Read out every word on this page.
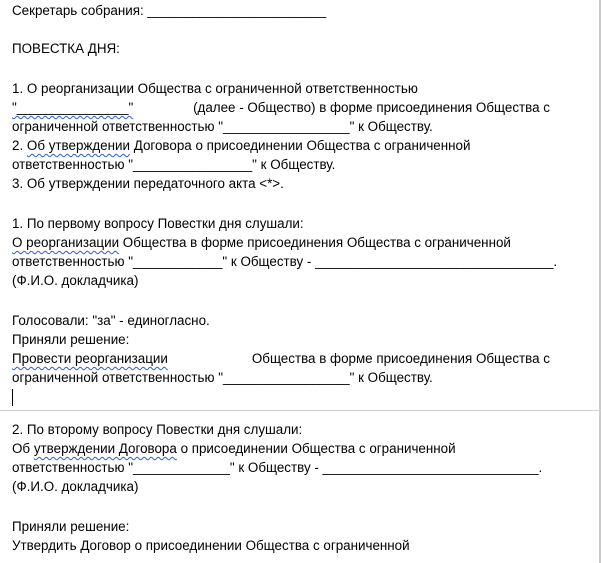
Секретарь собрания: ________________________
ПОВЕСТКА ДНЯ:
1. О реорганизации Общества с ограниченной ответственностью
"_______________"	(далее - Общество) в форме присоединения Общества с
ограниченной ответственностью "_________________" к Обществу.
2. Об утверждении Договора о присоединении Общества с ограниченной
ответственностью "________________" к Обществу.
3. Об утверждении передаточного акта <*>.
1. По первому вопросу Повестки дня слушали:
О реорганизации Общества в форме присоединения Общества с ограниченной
ответственностью "____________" к Обществу - ________________________________.
(Ф.И.О. докладчика)
Голосовали: "за" - единогласно.
Приняли решение:
Провести реорганизации	Общества в форме присоединения Общества с
ограниченной ответственностью "_________________" к Обществу.
2. По второму вопросу Повестки дня слушали:
Об утверждении Договора о присоединении Общества с ограниченной
ответственностью "_____________" к Обществу - _____________________________.
(Ф.И.О. докладчика)
Приняли решение:
Утвердить Договор о присоединении Общества с ограниченной
